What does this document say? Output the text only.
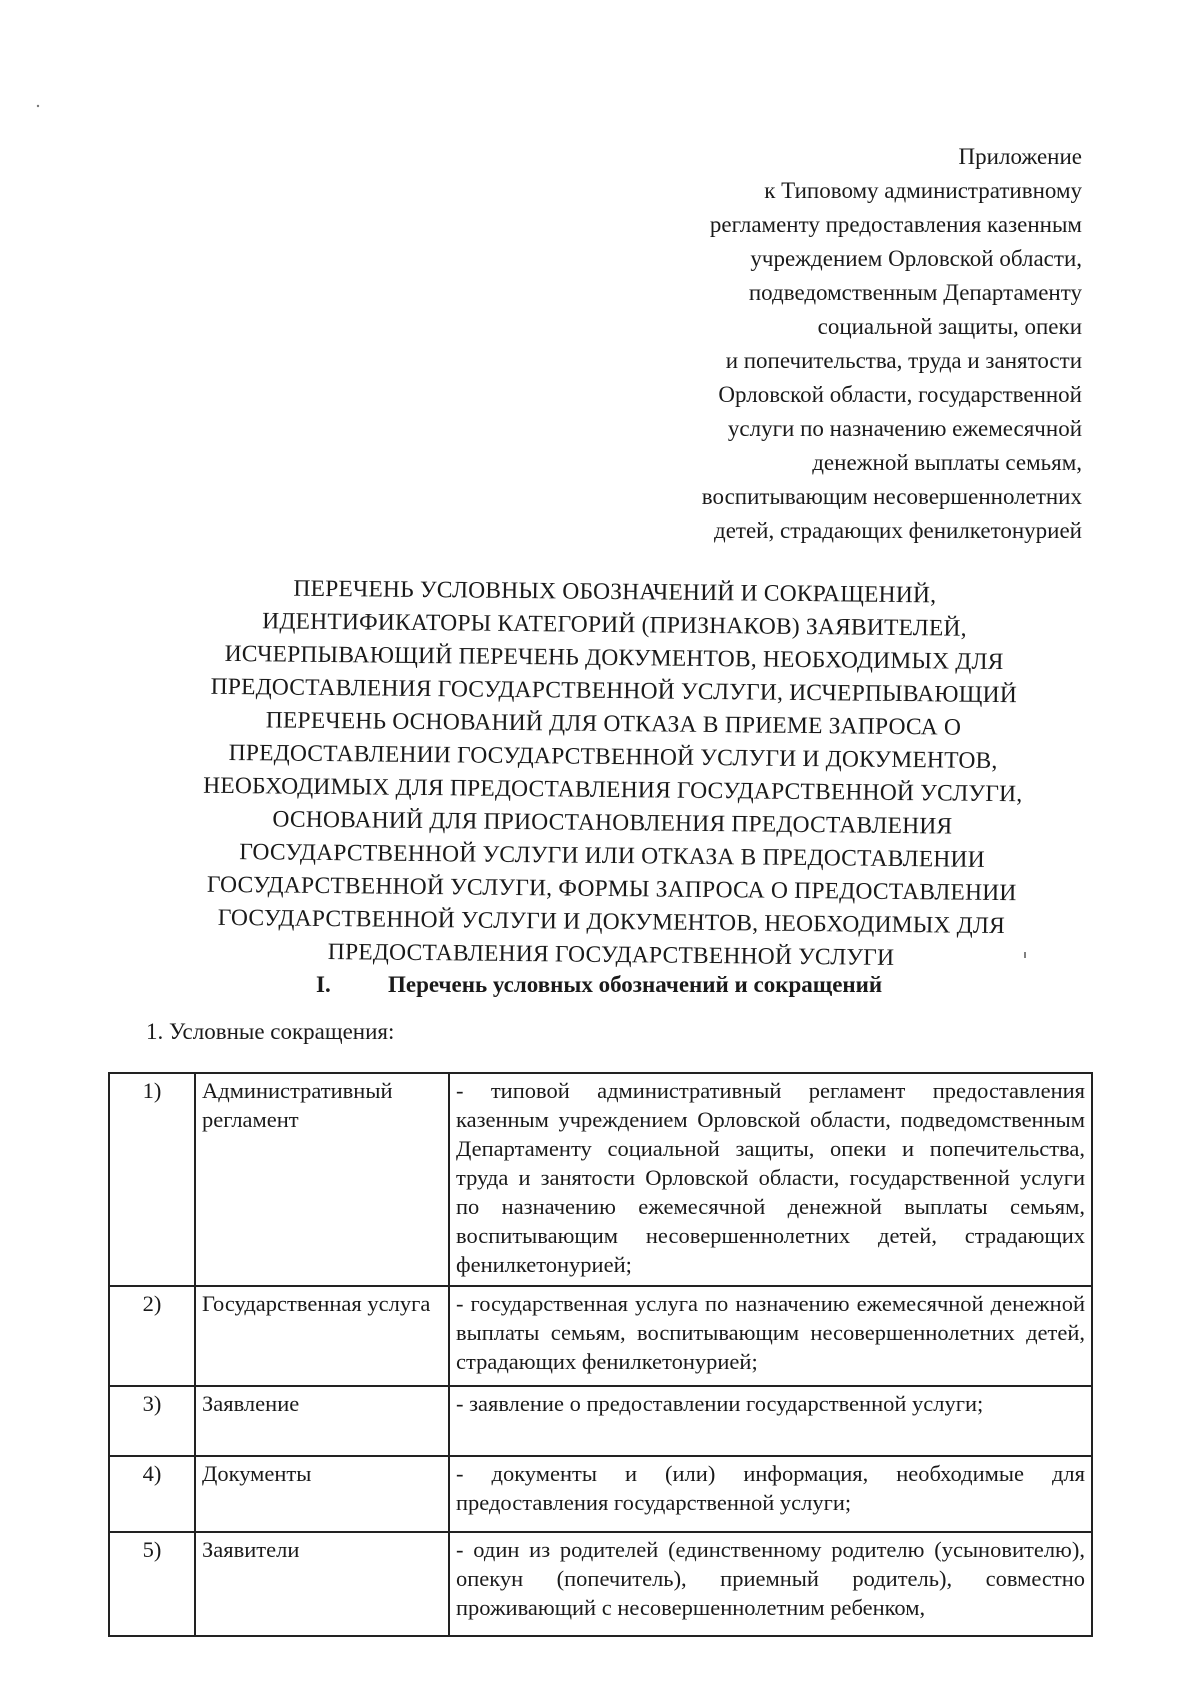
Приложение
к Типовому административному
регламенту предоставления казенным
учреждением Орловской области,
подведомственным Департаменту
социальной защиты, опеки
и попечительства, труда и занятости
Орловской области, государственной
услуги по назначению ежемесячной
денежной выплаты семьям,
воспитывающим несовершеннолетних
детей, страдающих фенилкетонурией
ПЕРЕЧЕНЬ УСЛОВНЫХ ОБОЗНАЧЕНИЙ И СОКРАЩЕНИЙ,
ИДЕНТИФИКАТОРЫ КАТЕГОРИЙ (ПРИЗНАКОВ) ЗАЯВИТЕЛЕЙ,
ИСЧЕРПЫВАЮЩИЙ ПЕРЕЧЕНЬ ДОКУМЕНТОВ, НЕОБХОДИМЫХ ДЛЯ
ПРЕДОСТАВЛЕНИЯ ГОСУДАРСТВЕННОЙ УСЛУГИ, ИСЧЕРПЫВАЮЩИЙ
ПЕРЕЧЕНЬ ОСНОВАНИЙ ДЛЯ ОТКАЗА В ПРИЕМЕ ЗАПРОСА О
ПРЕДОСТАВЛЕНИИ ГОСУДАРСТВЕННОЙ УСЛУГИ И ДОКУМЕНТОВ,
НЕОБХОДИМЫХ ДЛЯ ПРЕДОСТАВЛЕНИЯ ГОСУДАРСТВЕННОЙ УСЛУГИ,
ОСНОВАНИЙ ДЛЯ ПРИОСТАНОВЛЕНИЯ ПРЕДОСТАВЛЕНИЯ
ГОСУДАРСТВЕННОЙ УСЛУГИ ИЛИ ОТКАЗА В ПРЕДОСТАВЛЕНИИ
ГОСУДАРСТВЕННОЙ УСЛУГИ, ФОРМЫ ЗАПРОСА О ПРЕДОСТАВЛЕНИИ
ГОСУДАРСТВЕННОЙ УСЛУГИ И ДОКУМЕНТОВ, НЕОБХОДИМЫХ ДЛЯ
ПРЕДОСТАВЛЕНИЯ ГОСУДАРСТВЕННОЙ УСЛУГИ
I. Перечень условных обозначений и сокращений
1. Условные сокращения:
1)	Административный регламент	- типовой административный регламент предоставления казенным учреждением Орловской области, подведомственным Департаменту социальной защиты, опеки и попечительства, труда и занятости Орловской области, государственной услуги по назначению ежемесячной денежной выплаты семьям, воспитывающим несовершеннолетних детей, страдающих фенилкетонурией;
2)	Государственная услуга	- государственная услуга по назначению ежемесячной денежной выплаты семьям, воспитывающим несовершеннолетних детей, страдающих фенилкетонурией;
3)	Заявление	- заявление о предоставлении государственной услуги;
4)	Документы	- документы и (или) информация, необходимые для предоставления государственной услуги;
5)	Заявители	- один из родителей (единственному родителю (усыновителю), опекун (попечитель), приемный родитель), совместно проживающий с несовершеннолетним ребенком,
